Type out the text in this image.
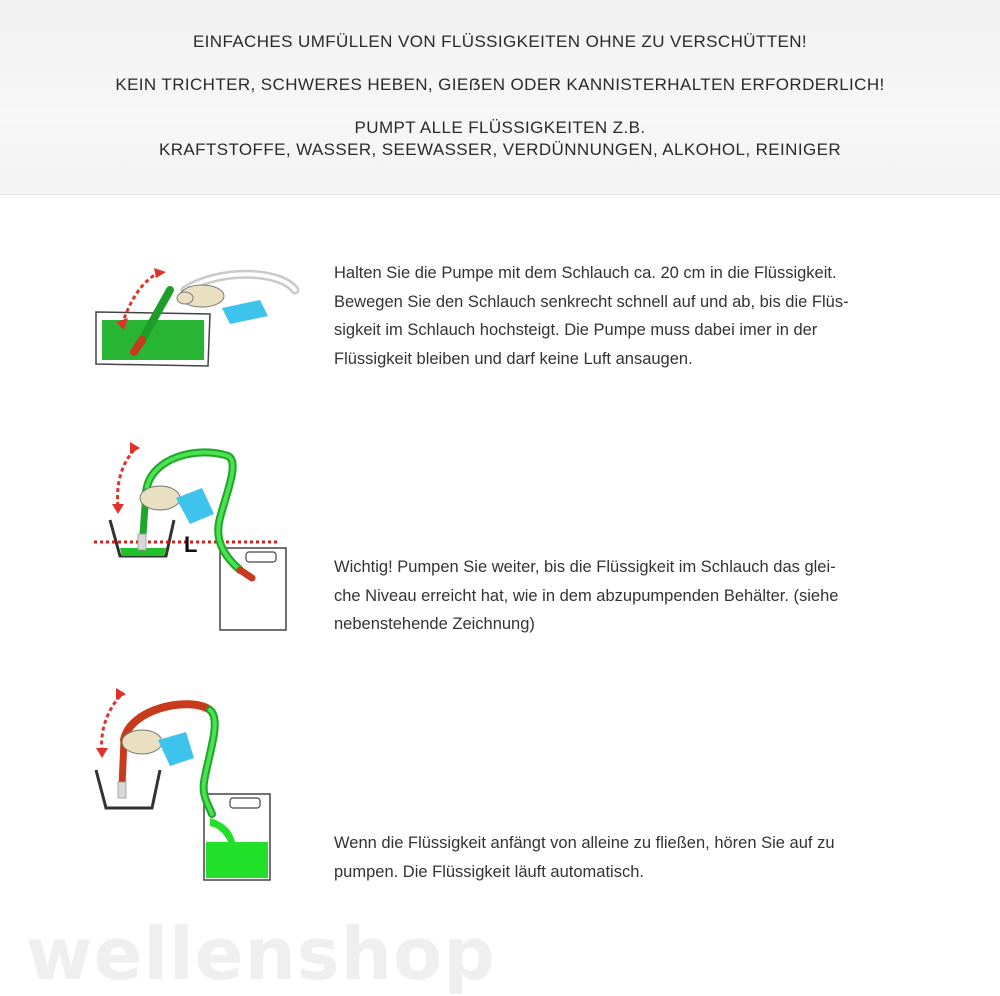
EINFACHES UMFÜLLEN VON FLÜSSIGKEITEN OHNE ZU VERSCHÜTTEN!
KEIN TRICHTER, SCHWERES HEBEN, GIEẞEN ODER KANNISTERHALTEN ERFORDERLICH!
PUMPT ALLE FLÜSSIGKEITEN Z.B.
KRAFTSTOFFE, WASSER, SEEWASSER, VERDÜNNUNGEN, ALKOHOL, REINIGER
Halten Sie die Pumpe mit dem Schlauch ca. 20 cm in die Flüssigkeit.
Bewegen Sie den Schlauch senkrecht schnell auf und ab, bis die Flüs-
sigkeit im Schlauch hochsteigt. Die Pumpe muss dabei imer in der
Flüssigkeit bleiben und darf keine Luft ansaugen.
L
Wichtig! Pumpen Sie weiter, bis die Flüssigkeit im Schlauch das glei-
che Niveau erreicht hat, wie in dem abzupumpenden Behälter. (siehe
nebenstehende Zeichnung)
Wenn die Flüssigkeit anfängt von alleine zu fließen, hören Sie auf zu
pumpen. Die Flüssigkeit läuft automatisch.
wellenshop
